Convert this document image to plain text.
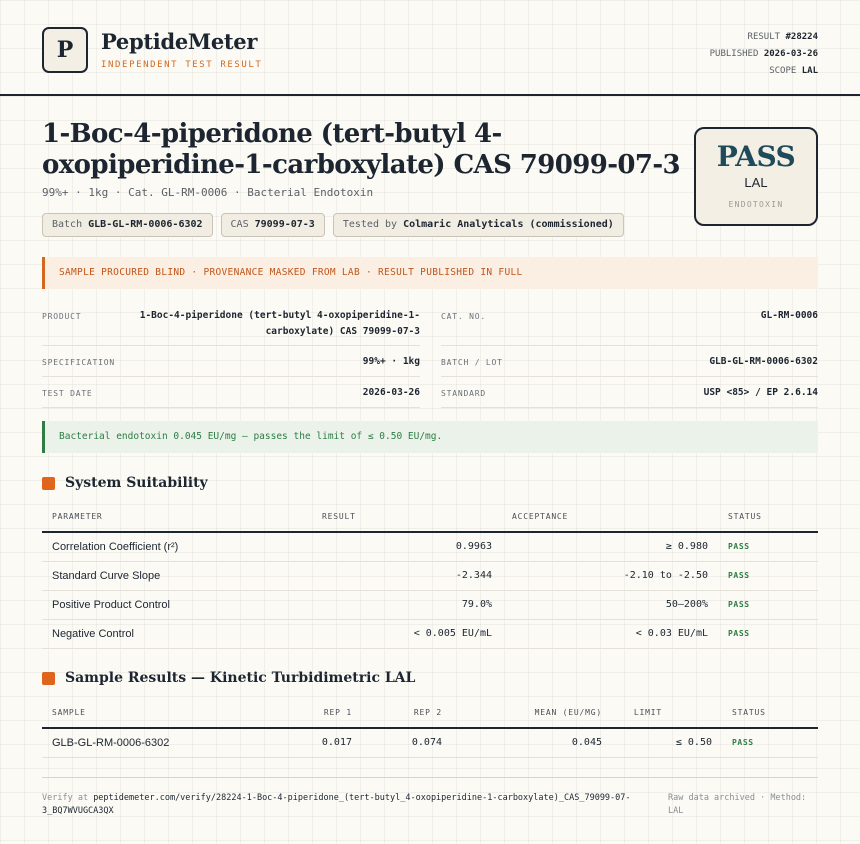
P	PeptideMeter
INDEPENDENT TEST RESULT
RESULT #28224
PUBLISHED 2026-03-26
SCOPE LAL
1-Boc-4-piperidone (tert-butyl 4-oxopiperidine-1-carboxylate) CAS 79099-07-3
99%+ · 1kg · Cat. GL-RM-0006 · Bacterial Endotoxin
Batch GLB-GL-RM-0006-6302	CAS 79099-07-3	Tested by Colmaric Analyticals (commissioned)
PASS
LAL
ENDOTOXIN
SAMPLE PROCURED BLIND · PROVENANCE MASKED FROM LAB · RESULT PUBLISHED IN FULL
PRODUCT	1-Boc-4-piperidone (tert-butyl 4-oxopiperidine-1-carboxylate) CAS 79099-07-3
CAT. NO.	GL-RM-0006
SPECIFICATION	99%+ · 1kg	BATCH / LOT	GLB-GL-RM-0006-6302
TEST DATE	2026-03-26	STANDARD	USP <85> / EP 2.6.14
Bacterial endotoxin 0.045 EU/mg — passes the limit of ≤ 0.50 EU/mg.
System Suitability
PARAMETER	RESULT	ACCEPTANCE	STATUS
Correlation Coefficient (r²)	0.9963	≥ 0.980	PASS
Standard Curve Slope	-2.344	-2.10 to -2.50	PASS
Positive Product Control	79.0%	50–200%	PASS
Negative Control	< 0.005 EU/mL	< 0.03 EU/mL	PASS
Sample Results — Kinetic Turbidimetric LAL
SAMPLE	REP 1	REP 2	MEAN (EU/MG)	LIMIT	STATUS
GLB-GL-RM-0006-6302	0.017	0.074	0.045	≤ 0.50	PASS
Verify at peptidemeter.com/verify/28224-1-Boc-4-piperidone_(tert-butyl_4-oxopiperidine-1-carboxylate)_CAS_79099-07-3_BQ7WVUGCA3QX
Raw data archived · Method: LAL
